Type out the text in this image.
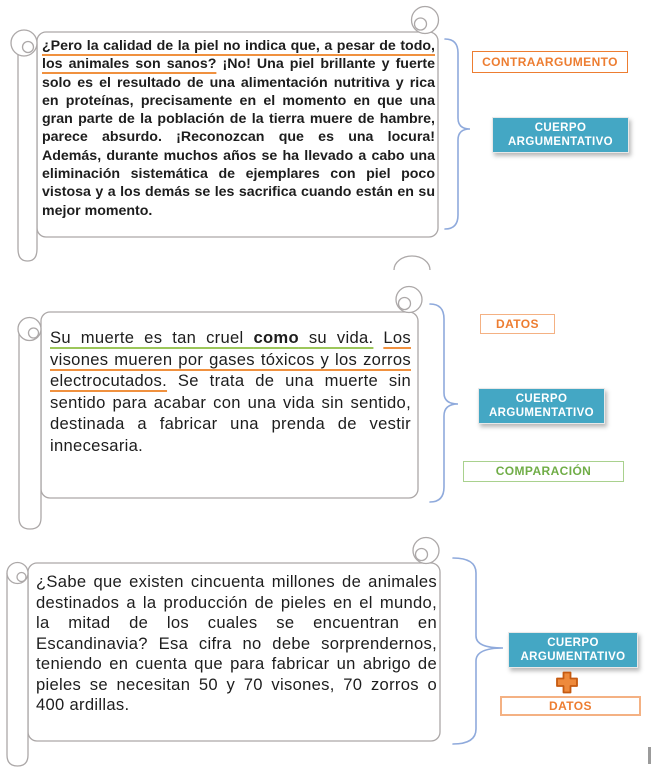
¿Pero la calidad de la piel no indica que, a pesar de todo, los animales son sanos? ¡No! Una piel brillante y fuerte solo es el resultado de una alimentación nutritiva y rica en proteínas, precisamente en el momento en que una gran parte de la población de la tierra muere de hambre, parece absurdo. ¡Reconozcan que es una locura! Además, durante muchos años se ha llevado a cabo una eliminación sistemática de ejemplares con piel poco vistosa y a los demás se les sacrifica cuando están en su mejor momento.
CONTRAARGUMENTO
CUERPO ARGUMENTATIVO
Su muerte es tan cruel como su vida. Los visones mueren por gases tóxicos y los zorros electrocutados. Se trata de una muerte sin sentido para acabar con una vida sin sentido, destinada a fabricar una prenda de vestir innecesaria.
DATOS
CUERPO ARGUMENTATIVO
COMPARACIÓN
¿Sabe que existen cincuenta millones de animales destinados a la producción de pieles en el mundo, la mitad de los cuales se encuentran en Escandinavia? Esa cifra no debe sorprendernos, teniendo en cuenta que para fabricar un abrigo de pieles se necesitan 50 y 70 visones, 70 zorros o 400 ardillas.
CUERPO ARGUMENTATIVO
DATOS
